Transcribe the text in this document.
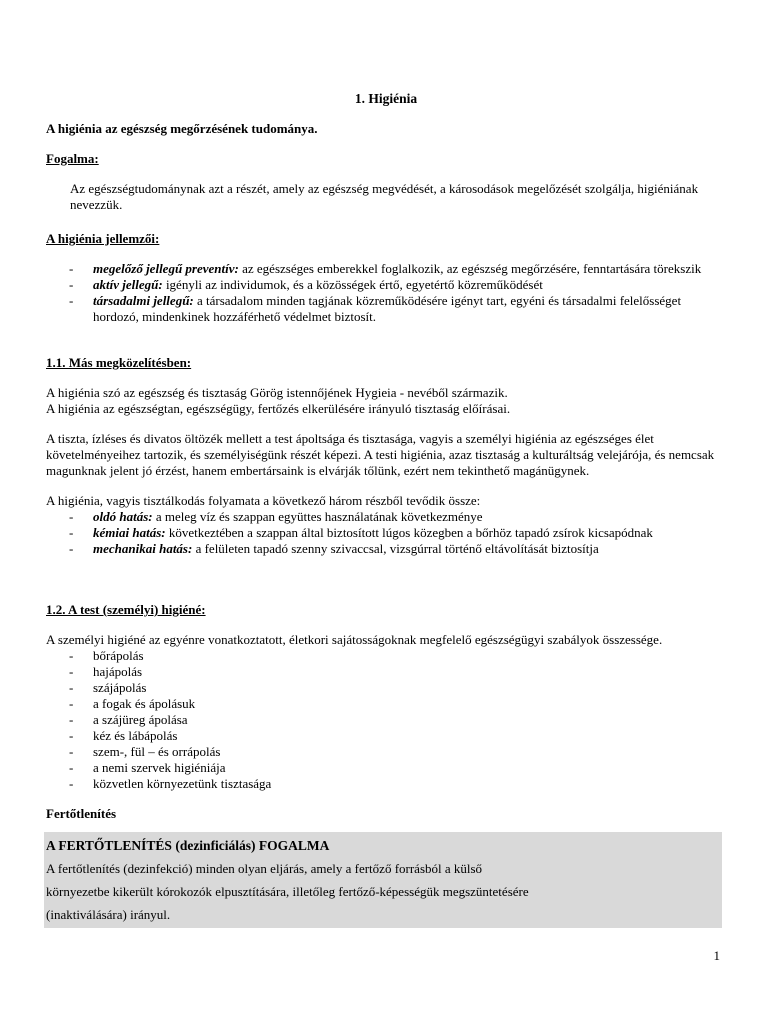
1. Higiénia

A higiénia az egészség megőrzésének tudománya.

Fogalma:

Az egészségtudománynak azt a részét, amely az egészség megvédését, a károsodások megelőzését szolgálja, higiéniának nevezzük.

A higiénia jellemzői:

- megelőző jellegű preventív: az egészséges emberekkel foglalkozik, az egészség megőrzésére, fenntartására törekszik
- aktív jellegű: igényli az individumok, és a közösségek értő, egyetértő közreműködését
- társadalmi jellegű: a társadalom minden tagjának közreműködésére igényt tart, egyéni és társadalmi felelősséget hordozó, mindenkinek hozzáférhető védelmet biztosít.

1.1. Más megközelítésben:

A higiénia szó az egészség és tisztaság Görög istennőjének Hygieia - nevéből származik.

A higiénia az egészségtan, egészségügy, fertőzés elkerülésére irányuló tisztaság előírásai.

A tiszta, ízléses és divatos öltözék mellett a test ápoltsága és tisztasága, vagyis a személyi higiénia az egészséges élet követelményeihez tartozik, és személyiségünk részét képezi. A testi higiénia, azaz tisztaság a kulturáltság velejárója, és nemcsak magunknak jelent jó érzést, hanem embertársaink is elvárják tőlünk, ezért nem tekinthető magánügynek.

A higiénia, vagyis tisztálkodás folyamata a következő három részből tevődik össze:

- oldó hatás: a meleg víz és szappan együttes használatának következménye
- kémiai hatás: következtében a szappan által biztosított lúgos közegben a bőrhöz tapadó zsírok kicsapódnak
- mechanikai hatás: a felületen tapadó szenny szivaccsal, vizsgúrral történő eltávolítását biztosítja

1.2. A test (személyi) higiéné:

A személyi higiéné az egyénre vonatkoztatott, életkori sajátosságoknak megfelelő egészségügyi szabályok összessége.

- bőrápolás
- hajápolás
- szájápolás
- a fogak és ápolásuk
- a szájüreg ápolása
- kéz és lábápolás
- szem-, fül – és orrápolás
- a nemi szervek higiéniája
- közvetlen környezetünk tisztasága

Fertőtlenítés

A FERTŐTLENÍTÉS (dezinficiálás) FOGALMA
A fertőtlenítés (dezinfekció) minden olyan eljárás, amely a fertőző forrásból a külső
környezetbe kikerült kórokozók elpusztítására, illetőleg fertőző-képességük megszüntetésére
(inaktiválására) irányul.
1
